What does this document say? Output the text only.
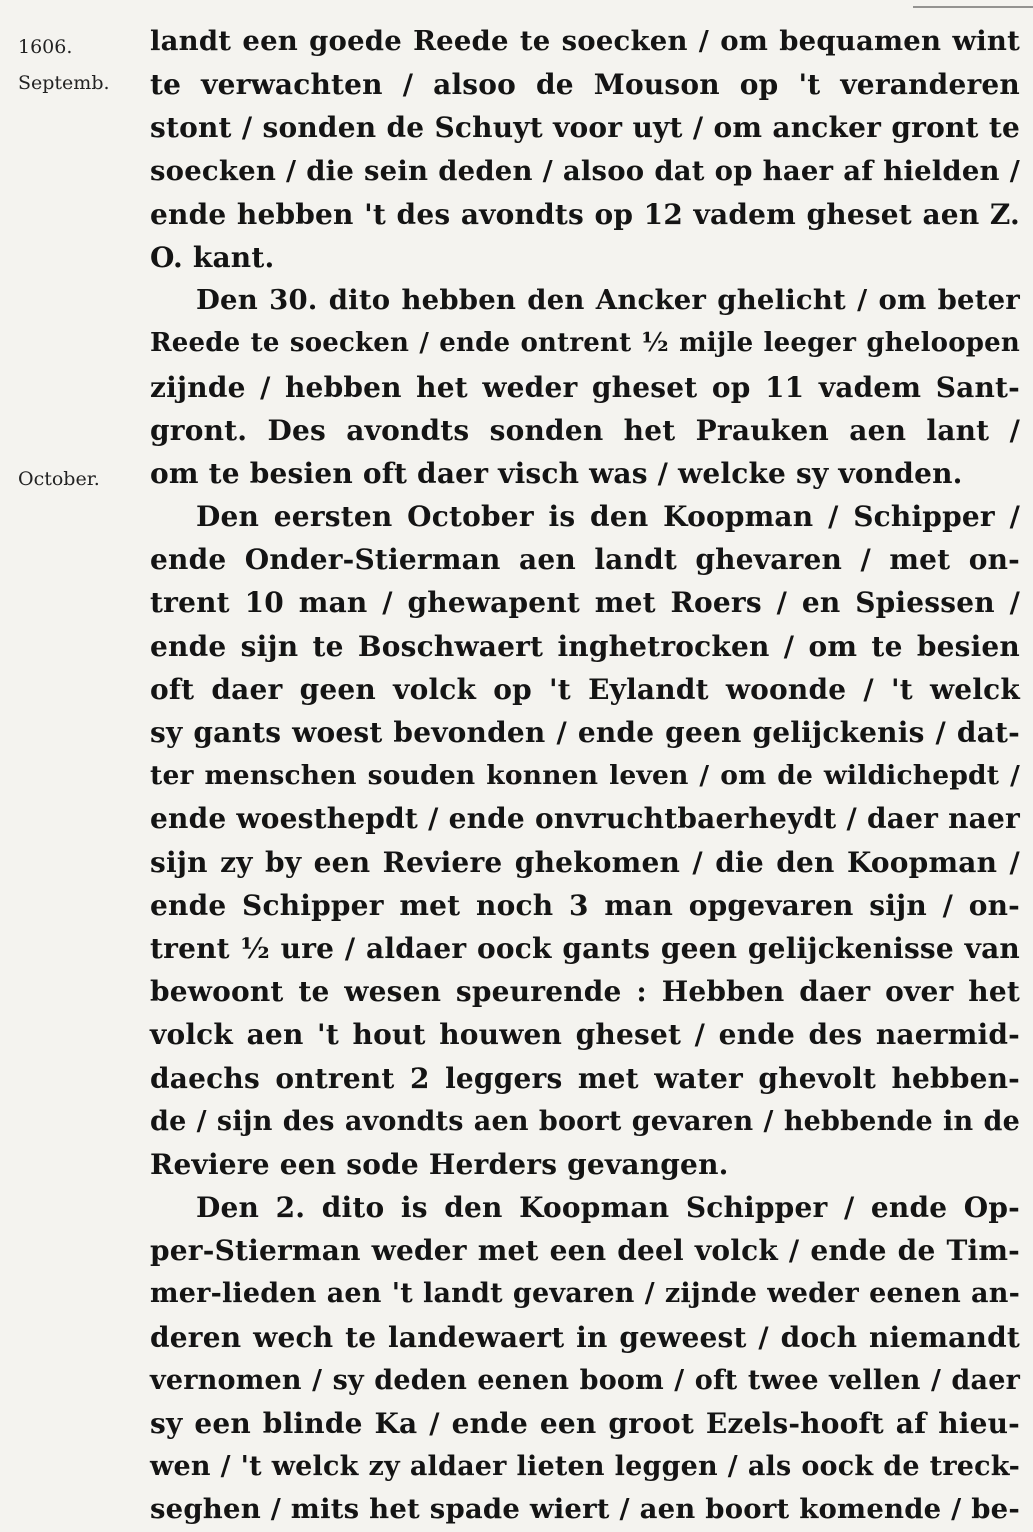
1606.
Septemb.
October.
landt een goede Reede te soecken / om bequamen wint
te verwachten / alsoo de Mouson op 't veranderen
stont / sonden de Schuyt voor uyt / om ancker gront te
soecken / die sein deden / alsoo dat op haer af hielden /
ende hebben 't des avondts op 12 vadem gheset aen Z.
O. kant.
Den 30. dito hebben den Ancker ghelicht / om beter
Reede te soecken / ende ontrent ½ mijle leeger gheloopen
zijnde / hebben het weder gheset op 11 vadem Sant-
gront. Des avondts sonden het Prauken aen lant /
om te besien oft daer visch was / welcke sy vonden.
Den eersten October is den Koopman / Schipper /
ende Onder-Stierman aen landt ghevaren / met on-
trent 10 man / ghewapent met Roers / en Spiessen /
ende sijn te Boschwaert inghetrocken / om te besien
oft daer geen volck op 't Eylandt woonde / 't welck
sy gants woest bevonden / ende geen gelijckenis / dat-
ter menschen souden konnen leven / om de wildichepdt /
ende woesthepdt / ende onvruchtbaerheydt / daer naer
sijn zy by een Reviere ghekomen / die den Koopman /
ende Schipper met noch 3 man opgevaren sijn / on-
trent ½ ure / aldaer oock gants geen gelijckenisse van
bewoont te wesen speurende : Hebben daer over het
volck aen 't hout houwen ghеset / ende des naermid-
daechs ontrent 2 leggers met water ghevolt hebben-
de / sijn des avondts aen boort gevaren / hebbende in de
Reviere een sode Herders gevangen.
Den 2. dito is den Koopman Schipper / ende Op-
per-Stierman weder met een deel volck / ende de Tim-
mer-lieden aen 't landt gevaren / zijnde weder eenen an-
deren wech te landewaert in geweest / doch niemandt
vernomen / sy deden eenen boom / oft twee vellen / daer
sy een blinde Ka / ende een groot Ezels-hooft af hieu-
wen / 't welck zy aldaer lieten leggen / als oock de treck-
seghen / mits het spade wiert / aen boort komende / be-
